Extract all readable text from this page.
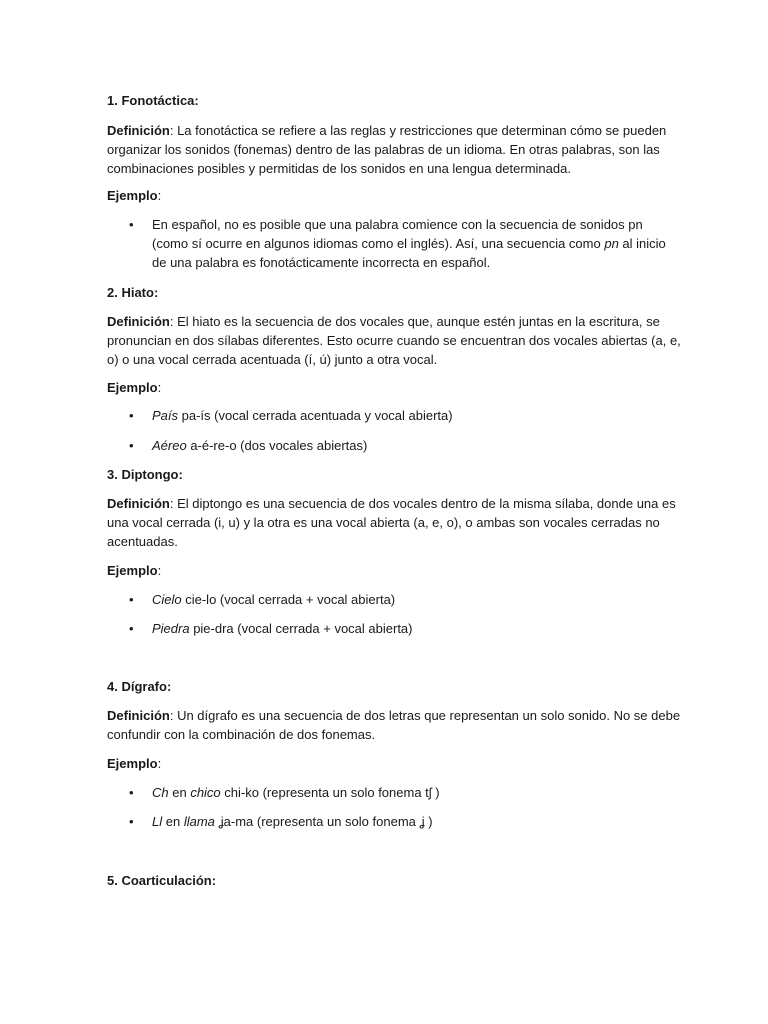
1. Fonotáctica:
Definición: La fonotáctica se refiere a las reglas y restricciones que determinan cómo se pueden
organizar los sonidos (fonemas) dentro de las palabras de un idioma. En otras palabras, son las
combinaciones posibles y permitidas de los sonidos en una lengua determinada.
Ejemplo:
• En español, no es posible que una palabra comience con la secuencia de sonidos pn
(como sí ocurre en algunos idiomas como el inglés). Así, una secuencia como pn al inicio
de una palabra es fonotácticamente incorrecta en español.
2. Hiato:
Definición: El hiato es la secuencia de dos vocales que, aunque estén juntas en la escritura, se
pronuncian en dos sílabas diferentes. Esto ocurre cuando se encuentran dos vocales abiertas (a, e,
o) o una vocal cerrada acentuada (í, ú) junto a otra vocal.
Ejemplo:
• País pa-ís (vocal cerrada acentuada y vocal abierta)
• Aéreo a-é-re-o (dos vocales abiertas)
3. Diptongo:
Definición: El diptongo es una secuencia de dos vocales dentro de la misma sílaba, donde una es
una vocal cerrada (i, u) y la otra es una vocal abierta (a, e, o), o ambas son vocales cerradas no
acentuadas.
Ejemplo:
• Cielo cie-lo (vocal cerrada + vocal abierta)
• Piedra pie-dra (vocal cerrada + vocal abierta)
4. Dígrafo:
Definición: Un dígrafo es una secuencia de dos letras que representan un solo sonido. No se debe
confundir con la combinación de dos fonemas.
Ejemplo:
• Ch en chico chi-ko (representa un solo fonema tʃ )
• Ll en llama ʝa-ma (representa un solo fonema ʝ )
5. Coarticulación:
